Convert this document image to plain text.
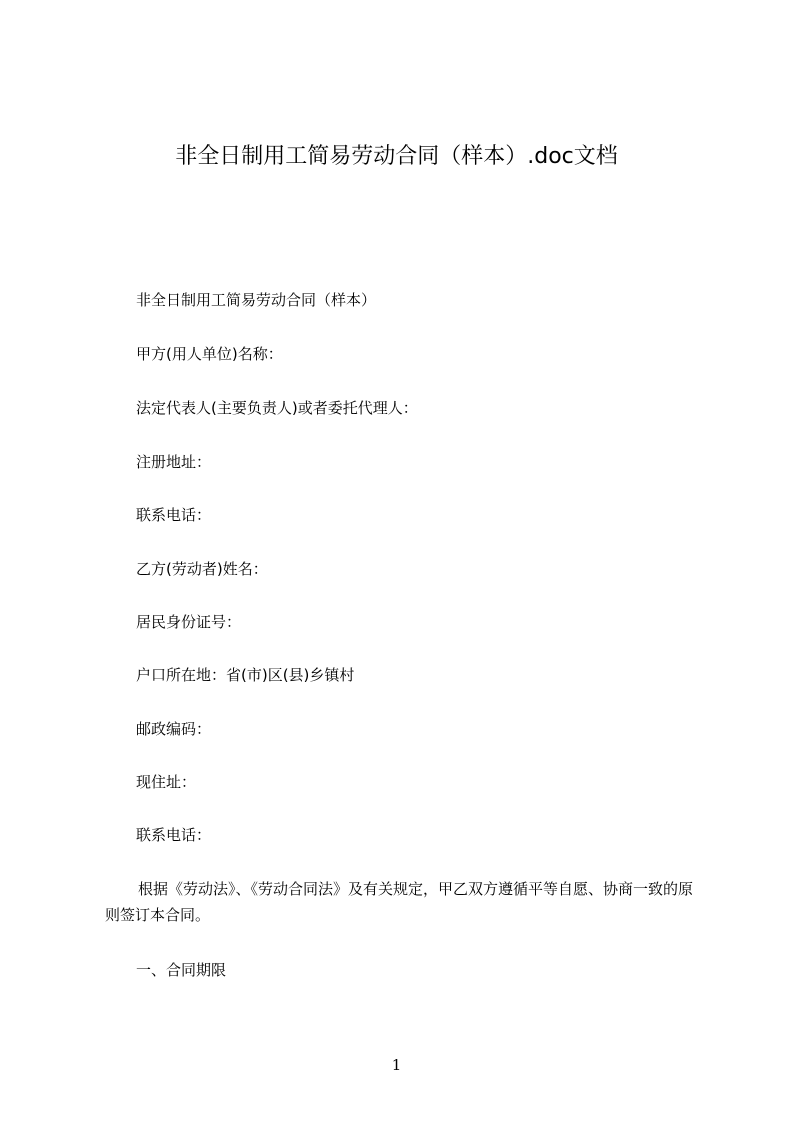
非全日制用工简易劳动合同（样本）.doc文档
非全日制用工简易劳动合同（样本）
甲方(用人单位)名称：
法定代表人(主要负责人)或者委托代理人：
注册地址：
联系电话：
乙方(劳动者)姓名：
居民身份证号：
户口所在地：省(市)区(县)乡镇村
邮政编码：
现住址：
联系电话：
根据《劳动法》、《劳动合同法》及有关规定，甲乙双方遵循平等自愿、协商一致的原则签订本合同。
一、合同期限
1
